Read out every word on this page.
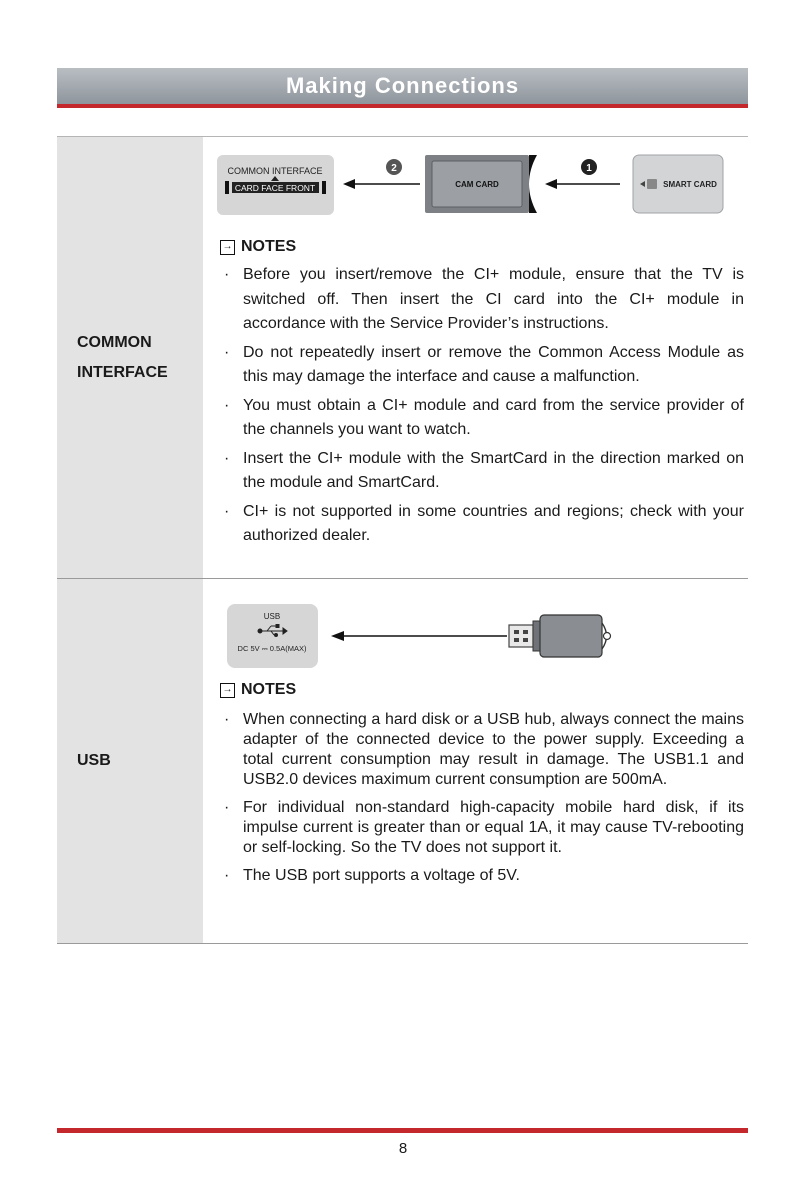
Making Connections
COMMON
INTERFACE
COMMON INTERFACE
CARD FACE FRONT
2
CAM CARD
1
SMART CARD
→ NOTES
· Before you insert/remove the CI+ module, ensure that the TV is switched off. Then insert the CI card into the CI+ module in accordance with the Service Provider’s instructions.
· Do not repeatedly insert or remove the Common Access Module as this may damage the interface and cause a malfunction.
· You must obtain a CI+ module and card from the service provider of the channels you want to watch.
· Insert the CI+ module with the SmartCard in the direction marked on the module and SmartCard.
· CI+ is not supported in some countries and regions; check with your authorized dealer.
USB
USB
DC 5V ⎓ 0.5A(MAX)
→ NOTES
· When connecting a hard disk or a USB hub, always connect the mains adapter of the connected device to the power supply. Exceeding a total current consumption may result in damage. The USB1.1 and USB2.0 devices maximum current consumption are 500mA.
· For individual non-standard high-capacity mobile hard disk, if its impulse current is greater than or equal 1A, it may cause TV-rebooting or self-locking. So the TV does not support it.
· The USB port supports a voltage of 5V.
8
